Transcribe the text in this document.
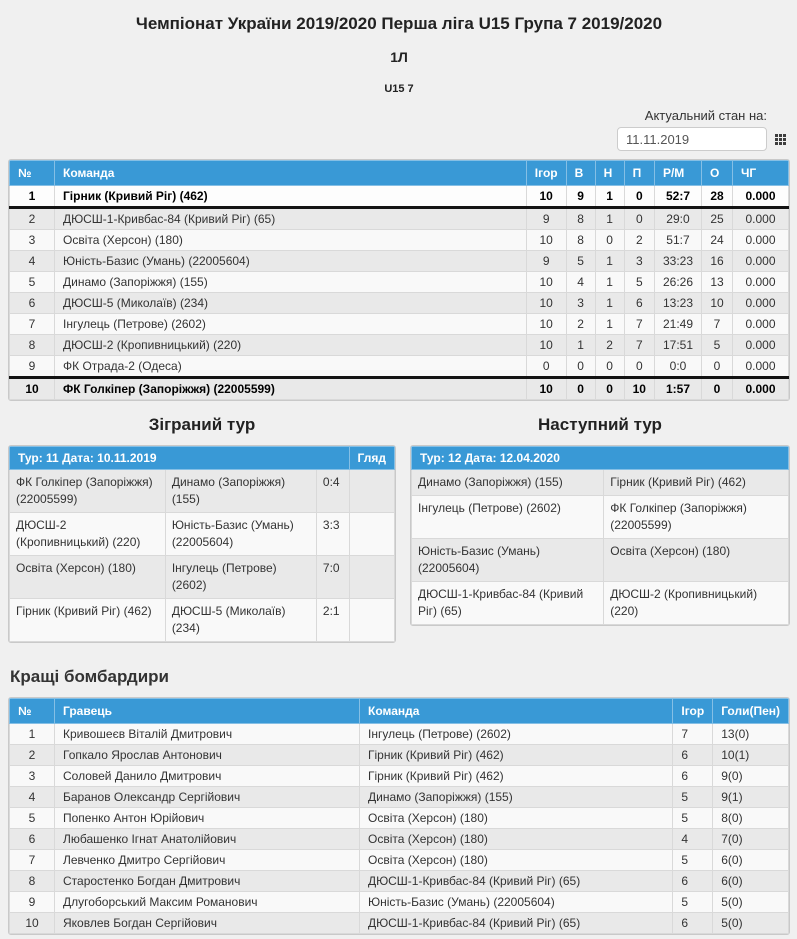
Чемпіонат України 2019/2020 Перша ліга U15 Група 7 2019/2020
1Л
U15 7
Актуальний стан на:
11.11.2019
№	Команда	Ігор	В	Н	П	Р/М	О	ЧГ
1	Гірник (Кривий Ріг) (462)	10	9	1	0	52:7	28	0.000
2	ДЮСШ-1-Кривбас-84 (Кривий Ріг) (65)	9	8	1	0	29:0	25	0.000
3	Освіта (Херсон) (180)	10	8	0	2	51:7	24	0.000
4	Юність-Базис (Умань) (22005604)	9	5	1	3	33:23	16	0.000
5	Динамо (Запоріжжя) (155)	10	4	1	5	26:26	13	0.000
6	ДЮСШ-5 (Миколаїв) (234)	10	3	1	6	13:23	10	0.000
7	Інгулець (Петрове) (2602)	10	2	1	7	21:49	7	0.000
8	ДЮСШ-2 (Кропивницький) (220)	10	1	2	7	17:51	5	0.000
9	ФК Отрада-2 (Одеса)	0	0	0	0	0:0	0	0.000
10	ФК Голкіпер (Запоріжжя) (22005599)	10	0	0	10	1:57	0	0.000
Зіграний тур
Тур: 11 Дата: 10.11.2019			Гляд
ФК Голкіпер (Запоріжжя) (22005599)	Динамо (Запоріжжя) (155)	0:4	
ДЮСШ-2 (Кропивницький) (220)	Юність-Базис (Умань) (22005604)	3:3	
Освіта (Херсон) (180)	Інгулець (Петрове) (2602)	7:0	
Гірник (Кривий Ріг) (462)	ДЮСШ-5 (Миколаїв) (234)	2:1	
Наступний тур
Тур: 12 Дата: 12.04.2020	
Динамо (Запоріжжя) (155)	Гірник (Кривий Ріг) (462)
Інгулець (Петрове) (2602)	ФК Голкіпер (Запоріжжя) (22005599)
Юність-Базис (Умань) (22005604)	Освіта (Херсон) (180)
ДЮСШ-1-Кривбас-84 (Кривий Ріг) (65)	ДЮСШ-2 (Кропивницький) (220)
Кращі бомбардири
№	Гравець	Команда	Ігор	Голи(Пен)
1	Кривошеєв Віталій Дмитрович	Інгулець (Петрове) (2602)	7	13(0)
2	Гопкало Ярослав Антонович	Гірник (Кривий Ріг) (462)	6	10(1)
3	Соловей Данило Дмитрович	Гірник (Кривий Ріг) (462)	6	9(0)
4	Баранов Олександр Сергійович	Динамо (Запоріжжя) (155)	5	9(1)
5	Попенко Антон Юрійович	Освіта (Херсон) (180)	5	8(0)
6	Любашенко Ігнат Анатолійович	Освіта (Херсон) (180)	4	7(0)
7	Левченко Дмитро Сергійович	Освіта (Херсон) (180)	5	6(0)
8	Старостенко Богдан Дмитрович	ДЮСШ-1-Кривбас-84 (Кривий Ріг) (65)	6	6(0)
9	Длугоборський Максим Романович	Юність-Базис (Умань) (22005604)	5	5(0)
10	Яковлев Богдан Сергійович	ДЮСШ-1-Кривбас-84 (Кривий Ріг) (65)	6	5(0)
